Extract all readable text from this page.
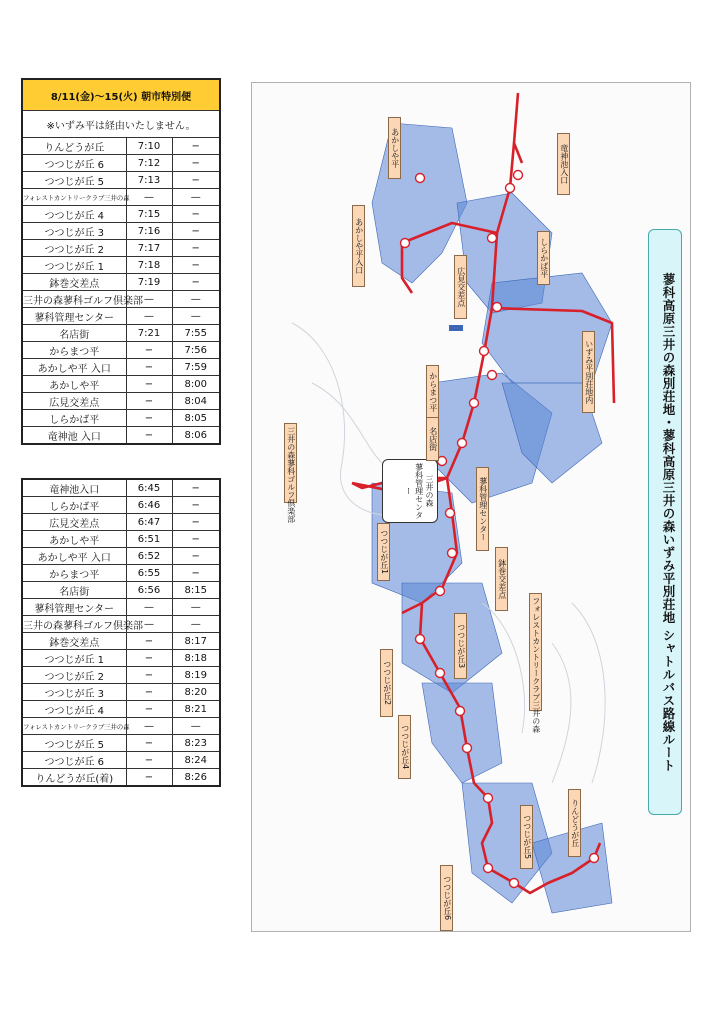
8/11(金)〜15(火) 朝市特別便		
※いずみ平は経由いたしません。		
りんどうが丘	7:10	−
つつじが丘 6	7:12	−
つつじが丘 5	7:13	−
フォレストカントリークラブ三井の森	—	—
つつじが丘 4	7:15	−
つつじが丘 3	7:16	−
つつじが丘 2	7:17	−
つつじが丘 1	7:18	−
鉢巻交差点	7:19	−
三井の森蓼科ゴルフ倶楽部	—	—
蓼科管理センター	—	—
名店街	7:21	7:55
からまつ平	−	7:56
あかしや平 入口	−	7:59
あかしや平	−	8:00
広見交差点	−	8:04
しらかば平	−	8:05
竜神池 入口	−	8:06
竜神池入口	6:45	−
しらかば平	6:46	−
広見交差点	6:47	−
あかしや平	6:51	−
あかしや平 入口	6:52	−
からまつ平	6:55	−
名店街	6:56	8:15
蓼科管理センター	—	—
三井の森蓼科ゴルフ倶楽部	—	—
鉢巻交差点	−	8:17
つつじが丘 1	−	8:18
つつじが丘 2	−	8:19
つつじが丘 3	−	8:20
つつじが丘 4	−	8:21
フォレストカントリークラブ三井の森	—	—
つつじが丘 5	−	8:23
つつじが丘 6	−	8:24
りんどうが丘(着)	−	8:26
蓼科高原三井の森別荘地・蓼科高原三井の森いずみ平別荘地 シャトルバス路線ルート
三井の森
蓼科管理センター
あかしや平
あかしや平入口
竜神池入口
しらかば平
広見交差点
いずみ平別荘地内
からまつ平
名店街
三井の森蓼科ゴルフ倶楽部	蓼科管理センター
つつじが丘1
鉢巻交差点
つつじが丘3	フォレストカントリークラブ三井の森
つつじが丘2
つつじが丘4
りんどうが丘
つつじが丘5
つつじが丘6
